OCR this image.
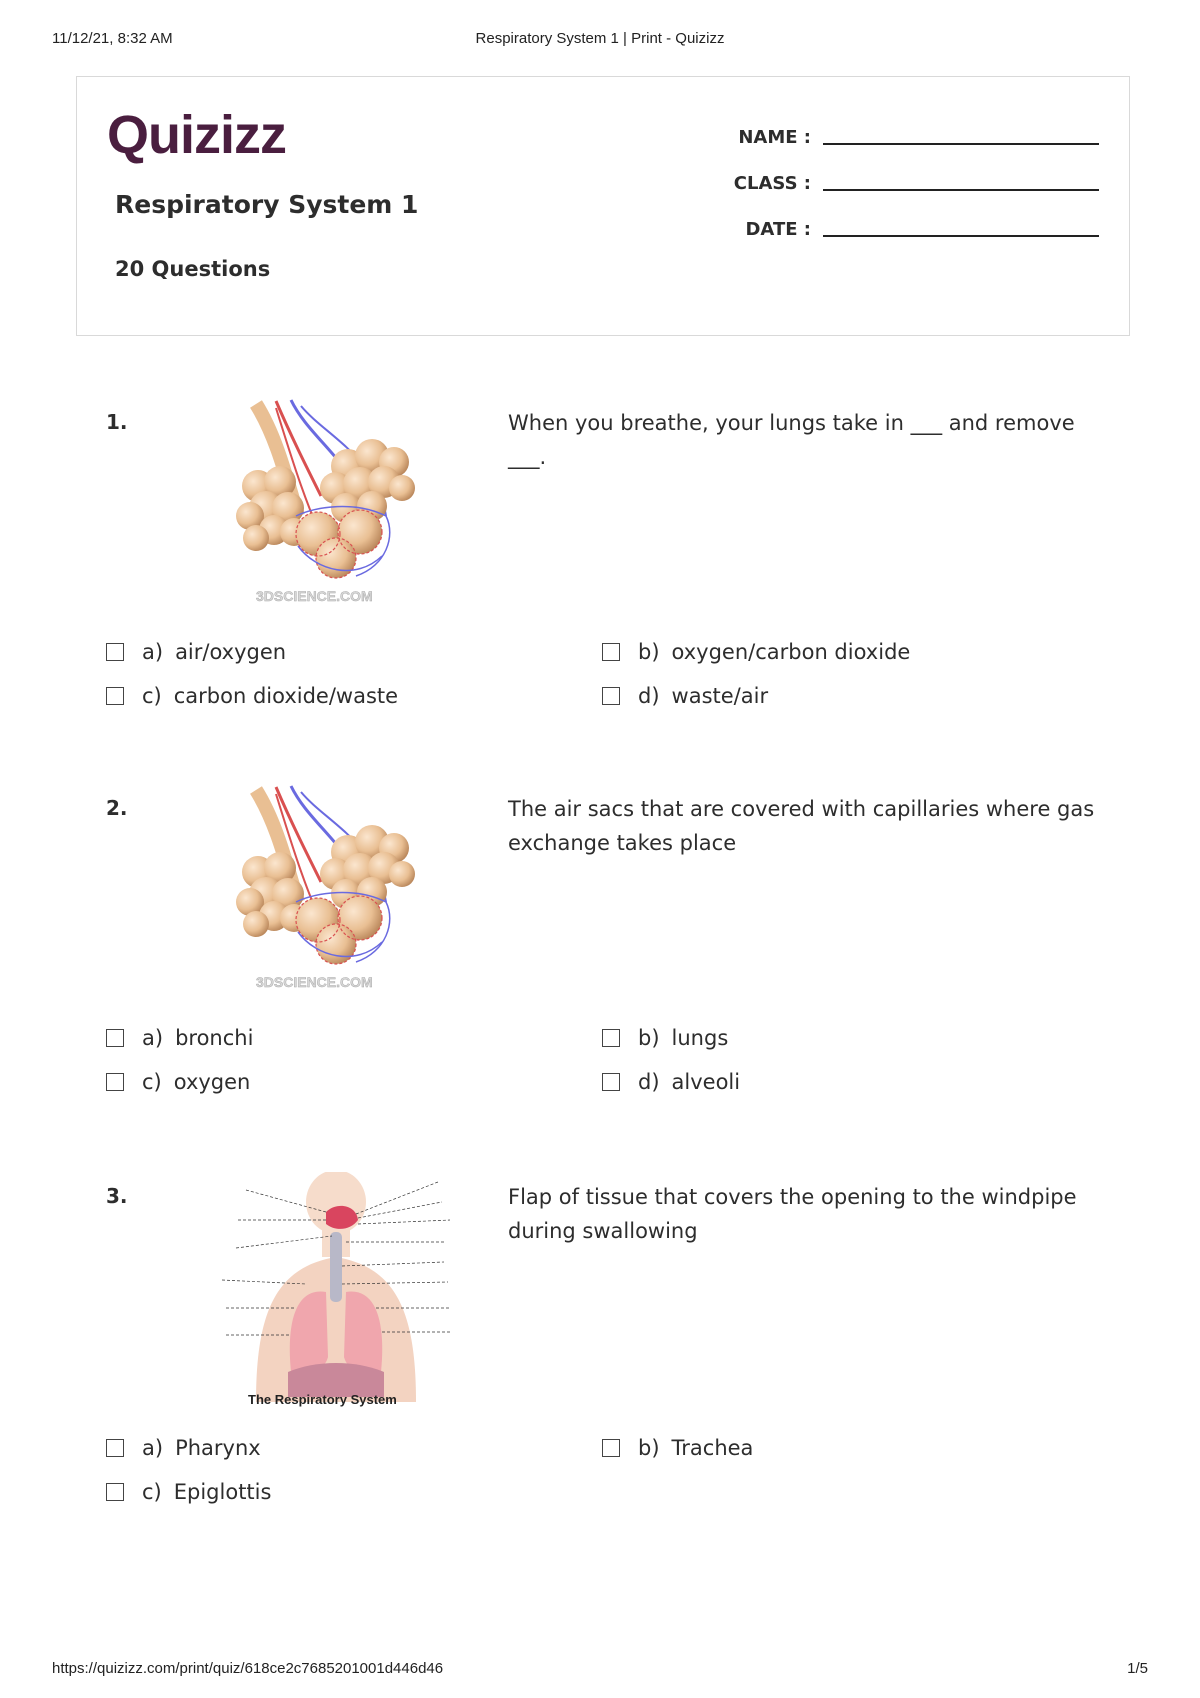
11/12/21, 8:32 AM	Respiratory System 1 | Print - Quizizz
https://quizizz.com/print/quiz/618ce2c7685201001d446d46	1/5
Quizizz
Respiratory System 1
20 Questions
NAME :
CLASS :
DATE :
1.
3DSCIENCE.COM
When you breathe, your lungs take in ___ and remove ___.
a) air/oxygen	b) oxygen/carbon dioxide
c) carbon dioxide/waste	d) waste/air
2.
3DSCIENCE.COM
The air sacs that are covered with capillaries where gas exchange takes place
a) bronchi	b) lungs
c) oxygen	d) alveoli
3.
The Respiratory System
Flap of tissue that covers the opening to the windpipe during swallowing
a) Pharynx	b) Trachea
c) Epiglottis
